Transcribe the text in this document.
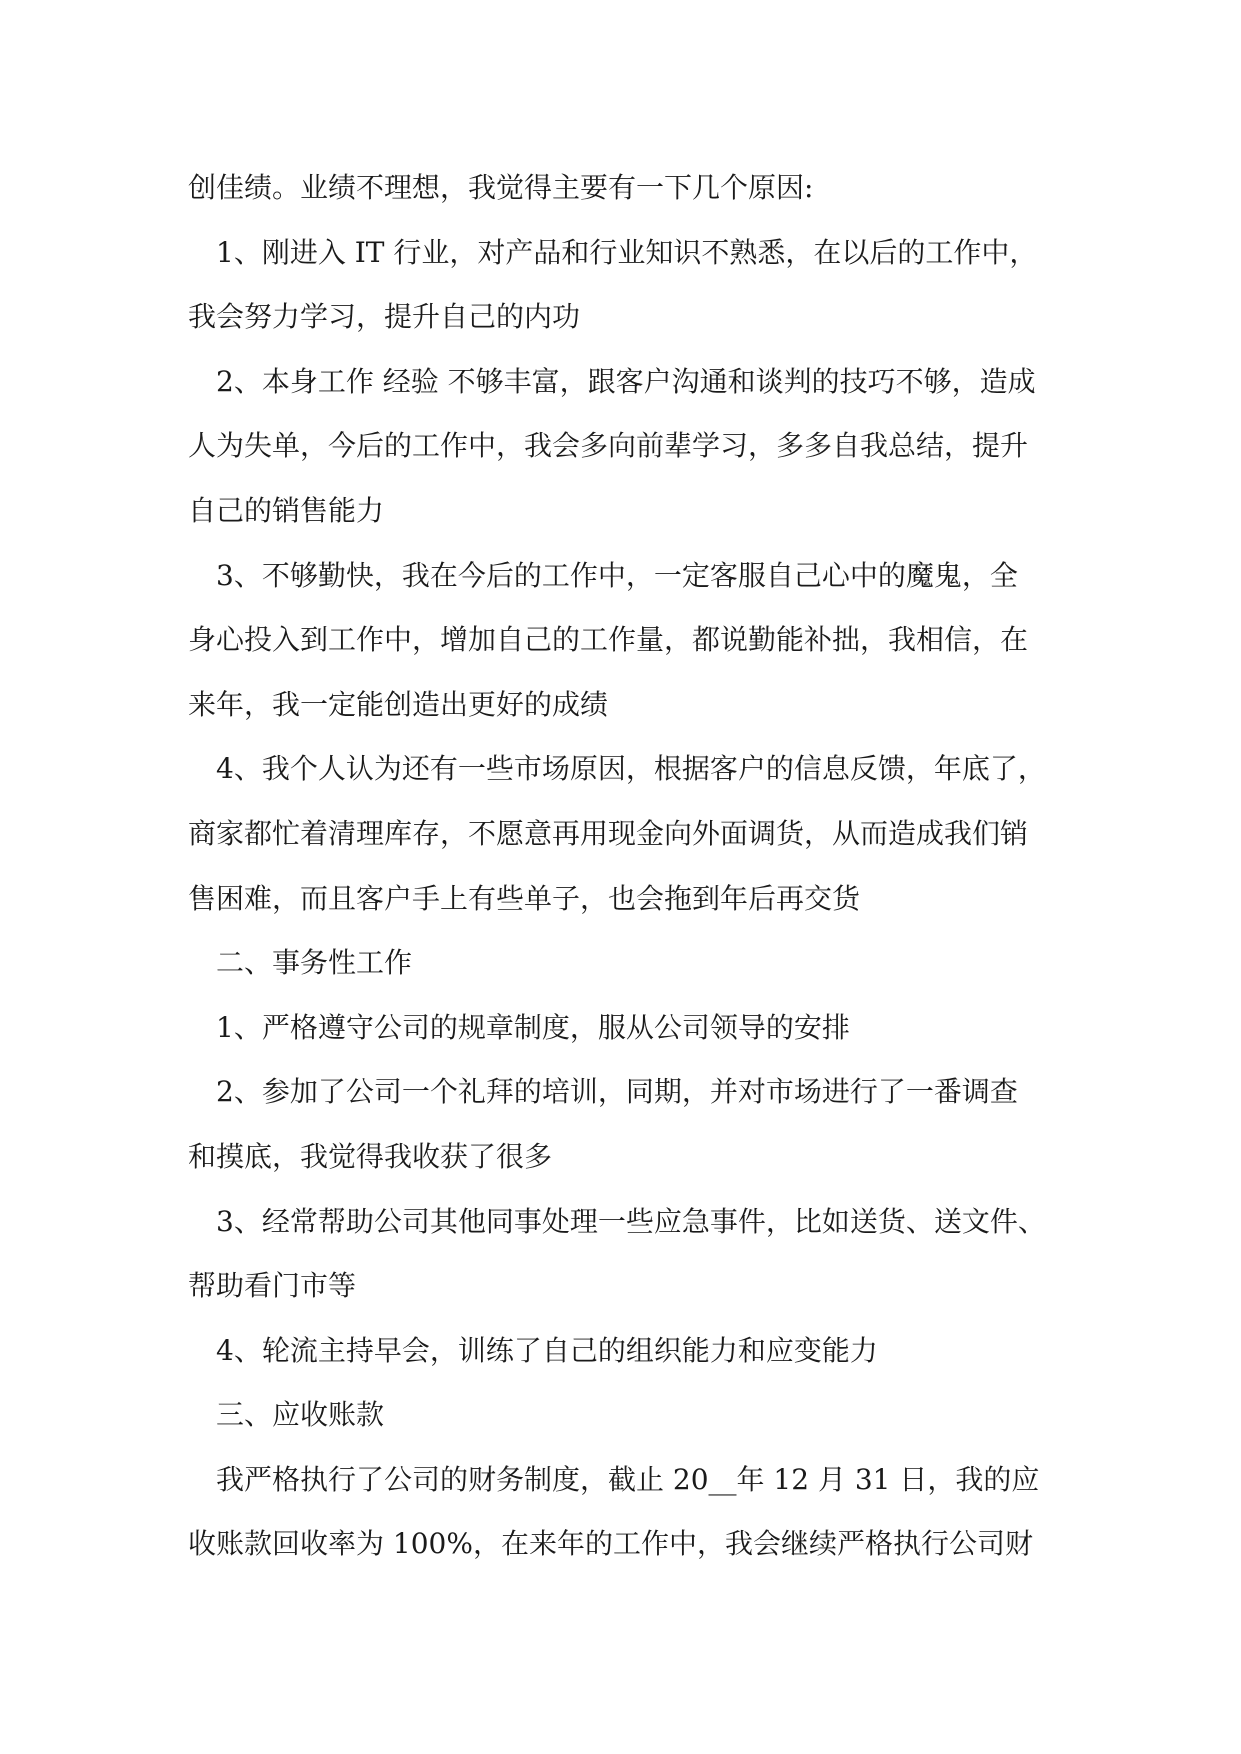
创佳绩。业绩不理想，我觉得主要有一下几个原因:
1、刚进入 IT 行业，对产品和行业知识不熟悉，在以后的工作中，
我会努力学习，提升自己的内功
2、本身工作 经验 不够丰富，跟客户沟通和谈判的技巧不够，造成
人为失单，今后的工作中，我会多向前辈学习，多多自我总结，提升
自己的销售能力
3、不够勤快，我在今后的工作中，一定客服自己心中的魔鬼，全
身心投入到工作中，增加自己的工作量，都说勤能补拙，我相信，在
来年，我一定能创造出更好的成绩
4、我个人认为还有一些市场原因，根据客户的信息反馈，年底了，
商家都忙着清理库存，不愿意再用现金向外面调货，从而造成我们销
售困难，而且客户手上有些单子，也会拖到年后再交货
二、事务性工作
1、严格遵守公司的规章制度，服从公司领导的安排
2、参加了公司一个礼拜的培训，同期，并对市场进行了一番调查
和摸底，我觉得我收获了很多
3、经常帮助公司其他同事处理一些应急事件，比如送货、送文件、
帮助看门市等
4、轮流主持早会，训练了自己的组织能力和应变能力
三、应收账款
我严格执行了公司的财务制度，截止 20__年 12 月 31 日，我的应
收账款回收率为 100%，在来年的工作中，我会继续严格执行公司财
